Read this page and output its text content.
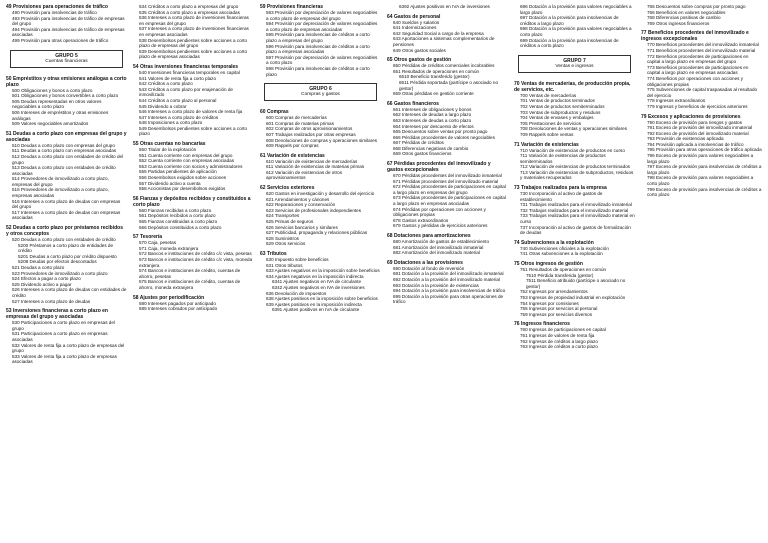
49 Provisiones para operaciones de tráfico
490 Provisión para insolvencias de tráfico
493 Provisión para insolvencias de tráfico de empresas del grupo
494 Provisión para insolvencias de tráfico de empresas asociadas
499 Provisión para otras operaciones de tráfico
GRUPO 5
Cuentas financieras
50 Empréstitos y otras emisiones análogas a corto plazo
500 Obligaciones y bonos a corto plazo
501 Obligaciones y bonos convertibles a corto plazo
505 Deudas representadas en otros valores negociables a corto plazo
506 Intereses de empréstitos y otras emisiones análogas
509 Valores negociables amortizados
51 Deudas a corto plazo con empresas del grupo y asociadas
510 Deudas a corto plazo con empresas del grupo
511 Deudas a corto plazo con empresas asociadas
512 Deudas a corto plazo con entidades de crédito del grupo
513 Deudas a corto plazo con entidades de crédito asociadas
514 Proveedores de inmovilizado a corto plazo, empresas del grupo
515 Proveedores de inmovilizado a corto plazo, empresas asociadas
516 Intereses a corto plazo de deudas con empresas del grupo
517 Intereses a corto plazo de deudas con empresas asociadas
52 Deudas a corto plazo por préstamos recibidos y otros conceptos
520 Deudas a corto plazo con entidades de crédito
5200 Préstamos a corto plazo de entidades de crédito
5201 Deudas a corto plazo por crédito dispuesto
5208 Deudas por efectos descontados
521 Deudas a corto plazo
523 Proveedores de inmovilizado a corto plazo
524 Efectos a pagar a corto plazo
525 Dividendo activo a pagar
526 Intereses a corto plazo de deudas con entidades de crédito
527 Intereses a corto plazo de deudas
53 Inversiones financieras a corto plazo en empresas del grupo y asociadas
530 Participaciones a corto plazo en empresas del grupo
531 Participaciones a corto plazo en empresas asociadas
532 Valores de renta fija a corto plazo de empresas del grupo
533 Valores de renta fija a corto plazo de empresas asociadas
534 Créditos a corto plazo a empresas del grupo
535 Créditos a corto plazo a empresas asociadas
536 Intereses a corto plazo de inversiones financieras en empresas del grupo
537 Intereses a corto plazo de inversiones financieras en empresas asociadas
538 Desembolsos pendientes sobre acciones a corto plazo de empresas del grupo
539 Desembolsos pendientes sobre acciones a corto plazo de empresas asociadas
54 Otras inversiones financieras temporales
540 Inversiones financieras temporales en capital
541 Valores de renta fija a corto plazo
542 Créditos a corto plazo
543 Créditos a corto plazo por enajenación de inmovilizado
544 Créditos a corto plazo al personal
545 Dividendo a cobrar
546 Intereses a corto plazo de valores de renta fija
547 Intereses a corto plazo de créditos
548 Imposiciones a corto plazo
549 Desembolsos pendientes sobre acciones a corto plazo
55 Otras cuentas no bancarias
550 Titular de la explotación
551 Cuenta corriente con empresas del grupo
552 Cuenta corriente con empresas asociadas
553 Cuenta corriente con socios y administradores
555 Partidas pendientes de aplicación
556 Desembolsos exigidos sobre acciones
557 Dividendo activo a cuenta
558 Accionistas por desembolsos exigidos
56 Fianzas y depósitos recibidos y constituidos a corto plazo
560 Fianzas recibidas a corto plazo
561 Depósitos recibidos a corto plazo
565 Fianzas constituidas a corto plazo
566 Depósitos constituidos a corto plazo
57 Tesorería
570 Caja, pesetas
571 Caja, moneda extranjera
572 Bancos e instituciones de crédito c/c vista, pesetas
573 Bancos e instituciones de crédito c/c vista, moneda extranjera
574 Bancos e instituciones de crédito, cuentas de ahorro, pesetas
575 Bancos e instituciones de crédito, cuentas de ahorro, moneda extranjera
58 Ajustes por periodificación
580 Intereses pagados por anticipado
585 Intereses cobrados por anticipado
59 Provisiones financieras
593 Provisión por depreciación de valores negociables a corto plazo de empresas del grupo
594 Provisión por depreciación de valores negociables a corto plazo de empresas asociadas
595 Provisión para insolvencias de créditos a corto plazo a empresas del grupo
596 Provisión para insolvencias de créditos a corto plazo a empresas asociadas
597 Provisión por depreciación de valores negociables a corto plazo
598 Provisión para insolvencias de créditos a corto plazo
GRUPO 6
Compras y gastos
60 Compras
600 Compras de mercaderías
601 Compras de materias primas
602 Compras de otros aprovisionamientos
607 Trabajos realizados por otras empresas
608 Devoluciones de compras y operaciones similares
609 Rappels por compras
61 Variación de existencias
610 Variación de existencias de mercaderías
611 Variación de existencias de materias primas
612 Variación de existencias de otros aprovisionamientos
62 Servicios exteriores
620 Gastos en investigación y desarrollo del ejercicio
621 Arrendamientos y cánones
622 Reparaciones y conservación
623 Servicios de profesionales independientes
624 Transportes
625 Primas de seguros
626 Servicios bancarios y similares
627 Publicidad, propaganda y relaciones públicas
628 Suministros
629 Otros servicios
63 Tributos
630 Impuesto sobre beneficios
631 Otros tributos
633 Ajustes negativos en la imposición sobre beneficios
634 Ajustes negativos en la imposición indirecta
6341 Ajustes negativos en IVA de circulante
6342 Ajustes negativos en IVA de inversiones
636 Devolución de impuestos
638 Ajustes positivos en la imposición sobre beneficios
639 Ajustes positivos en la imposición indirecta
6391 Ajustes positivos en IVA de circulante
6392 Ajustes positivos en IVA de inversiones
64 Gastos de personal
640 Sueldos y salarios
641 Indemnizaciones
642 Seguridad Social a cargo de la empresa
643 Aportaciones a sistemas complementarios de pensiones
649 Otros gastos sociales
65 Otros gastos de gestión
650 Pérdidas de créditos comerciales incobrables
651 Resultados de operaciones en común
6510 Beneficio transferido (gestor)
6511 Pérdida soportada (partícipe o asociado no gestor)
659 Otras pérdidas en gestión corriente
66 Gastos financieros
661 Intereses de obligaciones y bonos
662 Intereses de deudas a largo plazo
663 Intereses de deudas a corto plazo
664 Intereses por descuento de efectos
665 Descuentos sobre ventas por pronto pago
666 Pérdidas procedentes de valores negociables
667 Pérdidas de créditos
668 Diferencias negativas de cambio
669 Otros gastos financieros
67 Pérdidas procedentes del inmovilizado y gastos excepcionales
670 Pérdidas procedentes del inmovilizado inmaterial
671 Pérdidas procedentes del inmovilizado material
672 Pérdidas procedentes de participaciones en capital a largo plazo en empresas del grupo
673 Pérdidas procedentes de participaciones en capital a largo plazo en empresas asociadas
674 Pérdidas por operaciones con acciones y obligaciones propias
678 Gastos extraordinarios
679 Gastos y pérdidas de ejercicios anteriores
68 Dotaciones para amortizaciones
680 Amortización de gastos de establecimiento
681 Amortización del inmovilizado inmaterial
682 Amortización del inmovilizado material
69 Dotaciones a las provisiones
690 Dotación al fondo de reversión
691 Dotación a la provisión del inmovilizado inmaterial
692 Dotación a la provisión del inmovilizado material
693 Dotación a la provisión de existencias
694 Dotación a la provisión para insolvencias de tráfico
695 Dotación a la provisión para otras operaciones de tráfico
696 Dotación a la provisión para valores negociables a largo plazo
697 Dotación a la provisión para insolvencias de créditos a largo plazo
698 Dotación a la provisión para valores negociables a corto plazo
699 Dotación a la provisión para insolvencias de créditos a corto plazo
GRUPO 7
Ventas e ingresos
70 Ventas de mercaderías, de producción propia, de servicios, etc.
700 Ventas de mercaderías
701 Ventas de productos terminados
702 Ventas de productos semiterminados
703 Ventas de subproductos y residuos
704 Ventas de envases y embalajes
705 Prestaciones de servicios
708 Devoluciones de ventas y operaciones similares
709 Rappels sobre ventas
71 Variación de existencias
710 Variación de existencias de productos en curso
711 Variación de existencias de productos semiterminados
712 Variación de existencias de productos terminados
713 Variación de existencias de subproductos, residuos y materiales recuperados
73 Trabajos realizados para la empresa
730 Incorporación al activo de gastos de establecimiento
731 Trabajos realizados para el inmovilizado inmaterial
732 Trabajos realizados para el inmovilizado material
733 Trabajos realizados para el inmovilizado material en curso
737 Incorporación al activo de gastos de formalización de deudas
74 Subvenciones a la explotación
740 Subvenciones oficiales a la explotación
741 Otras subvenciones a la explotación
75 Otros ingresos de gestión
751 Resultados de operaciones en común
7510 Pérdida transferida (gestor)
7511 Beneficio atribuido (partícipe o asociado no gestor)
752 Ingresos por arrendamientos
753 Ingresos de propiedad industrial en explotación
754 Ingresos por comisiones
755 Ingresos por servicios al personal
759 Ingresos por servicios diversos
76 Ingresos financieros
760 Ingresos de participaciones en capital
761 Ingresos de valores de renta fija
762 Ingresos de créditos a largo plazo
763 Ingresos de créditos a corto plazo
765 Descuentos sobre compras por pronto pago
766 Beneficios en valores negociables
768 Diferencias positivas de cambio
769 Otros ingresos financieros
77 Beneficios procedentes del inmovilizado e ingresos excepcionales
770 Beneficios procedentes del inmovilizado inmaterial
771 Beneficios procedentes del inmovilizado material
772 Beneficios procedentes de participaciones en capital a largo plazo en empresas del grupo
773 Beneficios procedentes de participaciones en capital a largo plazo en empresas asociadas
774 Beneficios por operaciones con acciones y obligaciones propias
775 Subvenciones de capital traspasadas al resultado del ejercicio
778 Ingresos extraordinarios
779 Ingresos y beneficios de ejercicios anteriores
79 Excesos y aplicaciones de provisiones
790 Exceso de provisión para riesgos y gastos
791 Exceso de provisión del inmovilizado inmaterial
792 Exceso de provisión del inmovilizado material
793 Provisión de existencias aplicada
794 Provisión aplicada a insolvencias de tráfico
795 Provisión para otras operaciones de tráfico aplicada
796 Exceso de provisión para valores negociables a largo plazo
797 Exceso de provisión para insolvencias de créditos a largo plazo
798 Exceso de provisión para valores negociables a corto plazo
799 Exceso de provisión para insolvencias de créditos a corto plazo
